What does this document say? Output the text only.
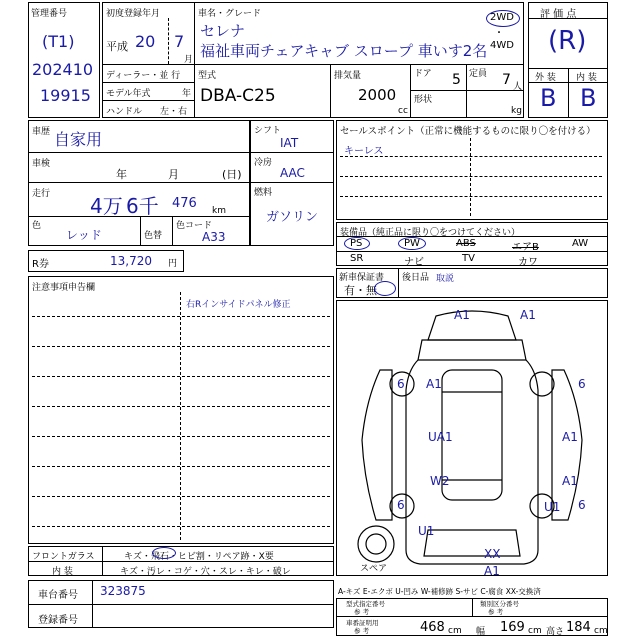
管理番号
(T1)
202410
19915
初度登録年月
平成 20 7
月
車名・グレード
セレナ
福祉車両チェアキャブ スロープ 車いす2名
2WD
・
4WD
ディーラー・並 行
モデル年式	年
ハンドル 左・右
型式
DBA-C25
排気量
2000
cc
ドア 5 定員 7 人
形状
kg
評 価 点
(R)
外 装 内 装
B B
車歴 自家用
車検
年	月	(日)
走行 4万 6千 476 km
色
レッド	色替
色コード
A33
シフト
IAT
冷房
AAC
燃料
ガソリン
セールスポイント（正常に機能するものに限り〇を付ける）
キーレス
装備品（純正品に限り〇をつけてください）
PS	PW	ABS	エアB	AW
SR	ナビ	TV	カワ
R券	13,720 円
注意事項申告欄
右Rインサイドパネル修正
新車保証書
有・無
後日品 取説
A1	A1
6 A1	6
UA1	A1
W2	A1
6
U1
U1 6
XX
A1
スペア
フロントガラス	キズ・飛石・ヒビ割・リペア跡・X要
内 装	キズ・汚レ・コゲ・穴・スレ・キレ・破レ
車台番号 323875
登録番号
A-キズ E-エクボ U-凹み W-補修跡 S-サビ C-腐食 XX-交換済
型式指定番号
参 考
類別区分番号
参 考
車番証明用
参 考	468 cm 幅 169 cm 高さ 184 cm
